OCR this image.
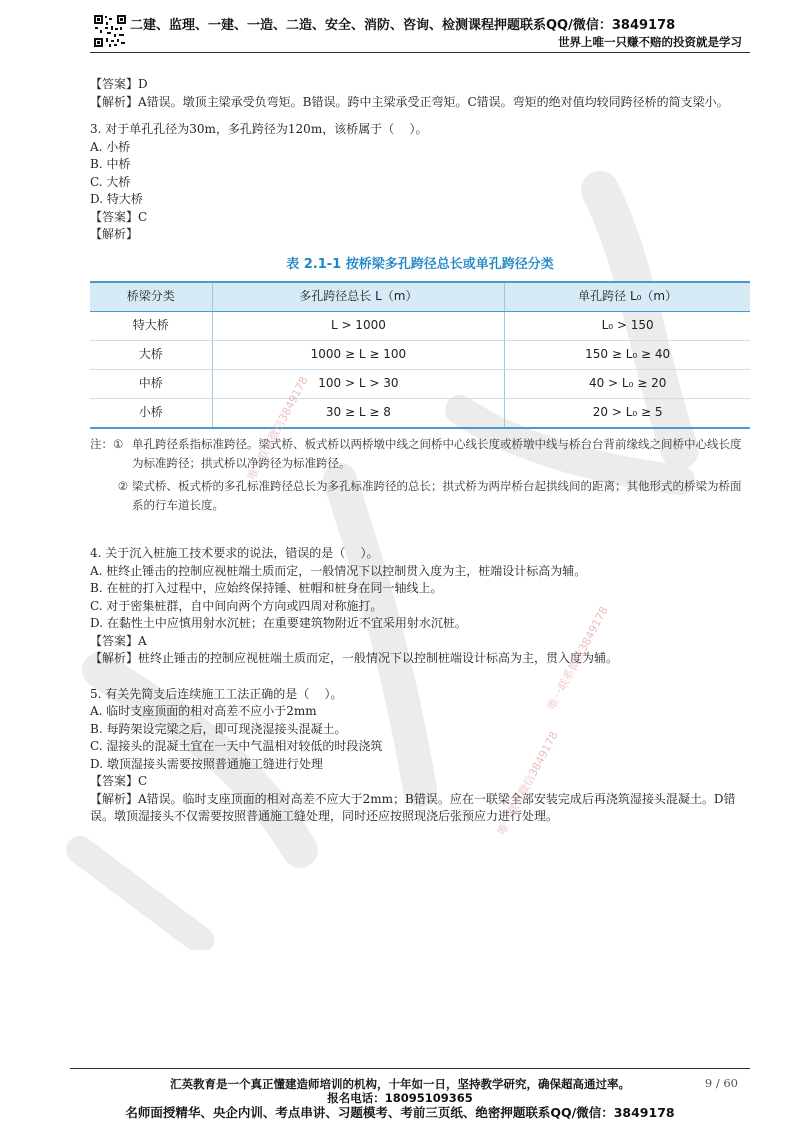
二建、监理、一建、一造、二造、安全、消防、咨询、检测课程押题联系QQ/微信：3849178
世界上唯一只赚不赔的投资就是学习

【答案】D

【解析】A错误。墩顶主梁承受负弯矩。B错误。跨中主梁承受正弯矩。C错误。弯矩的绝对值均较同跨径桥的简支梁小。

3. 对于单孔孔径为30m，多孔跨径为120m，该桥属于（    ）。

A. 小桥

B. 中桥

C. 大桥

D. 特大桥

【答案】C

【解析】

表 2.1-1 按桥梁多孔跨径总长或单孔跨径分类
桥梁分类	多孔跨径总长 L（m）	单孔跨径 L₀（m）
特大桥	L > 1000	L₀ > 150
大桥	1000 ≥ L ≥ 100	150 ≥ L₀ ≥ 40
中桥	100 > L > 30	40 > L₀ ≥ 20
小桥	30 ≥ L ≥ 8	20 > L₀ ≥ 5
注：① 单孔跨径系指标准跨径。梁式桥、板式桥以两桥墩中线之间桥中心线长度或桥墩中线与桥台台背前缘线之间桥中心线长度为标准跨径；拱式桥以净跨径为标准跨径。
② 梁式桥、板式桥的多孔标准跨径总长为多孔标准跨径的总长；拱式桥为两岸桥台起拱线间的距离；其他形式的桥梁为桥面系的行车道长度。

4. 关于沉入桩施工技术要求的说法，错误的是（    ）。

A. 桩终止锤击的控制应视桩端土质而定，一般情况下以控制贯入度为主，桩端设计标高为辅。

B. 在桩的打入过程中，应始终保持锤、桩帽和桩身在同一轴线上。

C. 对于密集桩群，自中间向两个方向或四周对称施打。

D. 在黏性土中应慎用射水沉桩；在重要建筑物附近不宜采用射水沉桩。

【答案】A

【解析】桩终止锤击的控制应视桩端土质而定，一般情况下以控制桩端设计标高为主，贯入度为辅。

5. 有关先简支后连续施工工法正确的是（    ）。

A. 临时支座顶面的相对高差不应小于2mm

B. 每跨架设完梁之后，即可现浇湿接头混凝土。

C. 湿接头的混凝土宜在一天中气温相对较低的时段浇筑

D. 墩顶湿接头需要按照普通施工缝进行处理

【答案】C

【解析】A错误。临时支座顶面的相对高差不应大于2mm；B错误。应在一联梁全部安装完成后再浇筑湿接头混凝土。D错误。墩顶湿接头不仅需要按照普通施工缝处理，同时还应按照现浇后张预应力进行处理。

唯一联系微信3849178
唯一联系微信3849178
唯一联系微信3849178
汇英教育是一个真正懂建造师培训的机构，十年如一日，坚持教学研究，确保超高通过率。	9 / 60
报名电话：18095109365
名师面授精华、央企内训、考点串讲、习题模考、考前三页纸、绝密押题联系QQ/微信：3849178
